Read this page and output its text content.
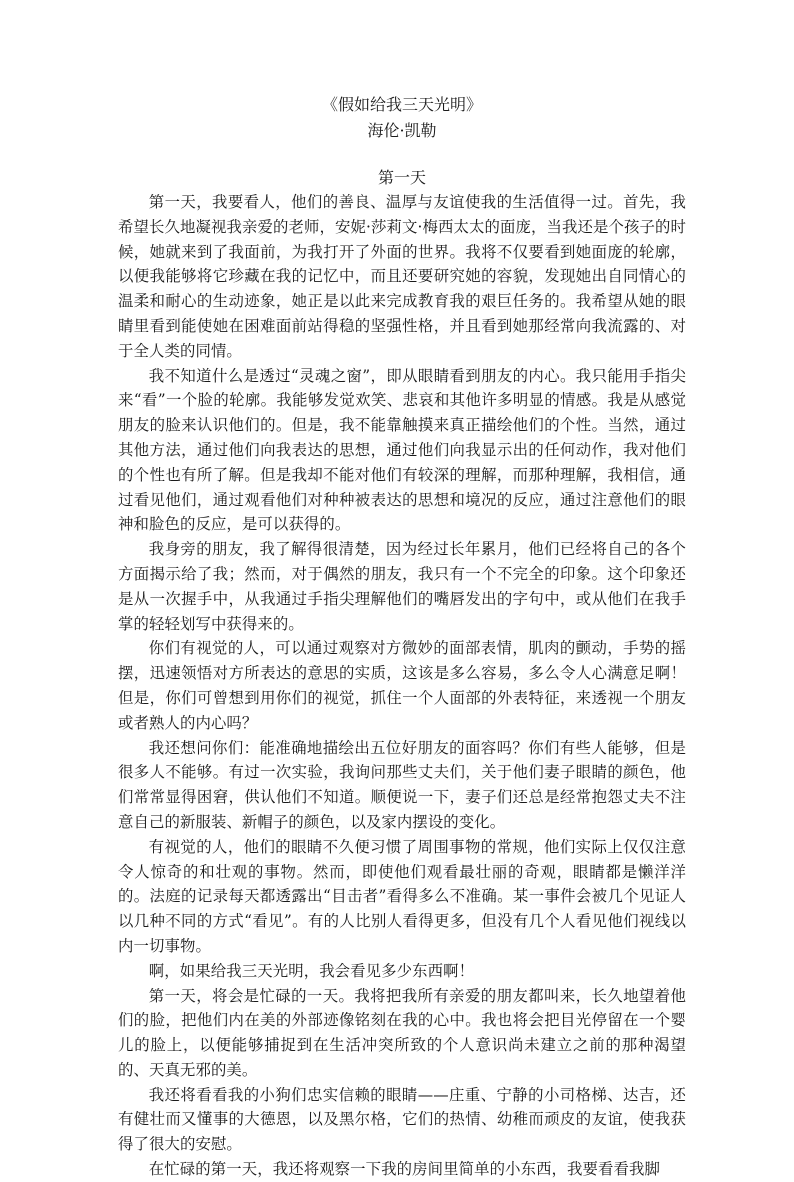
《假如给我三天光明》
海伦·凯勒
第一天

第一天，我要看人，他们的善良、温厚与友谊使我的生活值得一过。首先，我希望长久地凝视我亲爱的老师，安妮·莎莉文·梅西太太的面庞，当我还是个孩子的时候，她就来到了我面前，为我打开了外面的世界。我将不仅要看到她面庞的轮廓，以便我能够将它珍藏在我的记忆中，而且还要研究她的容貌，发现她出自同情心的温柔和耐心的生动迹象，她正是以此来完成教育我的艰巨任务的。我希望从她的眼睛里看到能使她在困难面前站得稳的坚强性格，并且看到她那经常向我流露的、对于全人类的同情。

我不知道什么是透过“灵魂之窗”，即从眼睛看到朋友的内心。我只能用手指尖来“看”一个脸的轮廓。我能够发觉欢笑、悲哀和其他许多明显的情感。我是从感觉朋友的脸来认识他们的。但是，我不能靠触摸来真正描绘他们的个性。当然，通过其他方法，通过他们向我表达的思想，通过他们向我显示出的任何动作，我对他们的个性也有所了解。但是我却不能对他们有较深的理解，而那种理解，我相信，通过看见他们，通过观看他们对种种被表达的思想和境况的反应，通过注意他们的眼神和脸色的反应，是可以获得的。

我身旁的朋友，我了解得很清楚，因为经过长年累月，他们已经将自己的各个方面揭示给了我；然而，对于偶然的朋友，我只有一个不完全的印象。这个印象还是从一次握手中，从我通过手指尖理解他们的嘴唇发出的字句中，或从他们在我手掌的轻轻划写中获得来的。

你们有视觉的人，可以通过观察对方微妙的面部表情，肌肉的颤动，手势的摇摆，迅速领悟对方所表达的意思的实质，这该是多么容易，多么令人心满意足啊！但是，你们可曾想到用你们的视觉，抓住一个人面部的外表特征，来透视一个朋友或者熟人的内心吗？

我还想问你们：能准确地描绘出五位好朋友的面容吗？你们有些人能够，但是很多人不能够。有过一次实验，我询问那些丈夫们，关于他们妻子眼睛的颜色，他们常常显得困窘，供认他们不知道。顺便说一下，妻子们还总是经常抱怨丈夫不注意自己的新服装、新帽子的颜色，以及家内摆设的变化。

有视觉的人，他们的眼睛不久便习惯了周围事物的常规，他们实际上仅仅注意令人惊奇的和壮观的事物。然而，即使他们观看最壮丽的奇观，眼睛都是懒洋洋的。法庭的记录每天都透露出“目击者”看得多么不准确。某一事件会被几个见证人以几种不同的方式“看见”。有的人比别人看得更多，但没有几个人看见他们视线以内一切事物。

啊，如果给我三天光明，我会看见多少东西啊！

第一天，将会是忙碌的一天。我将把我所有亲爱的朋友都叫来，长久地望着他们的脸，把他们内在美的外部迹像铭刻在我的心中。我也将会把目光停留在一个婴儿的脸上，以便能够捕捉到在生活冲突所致的个人意识尚未建立之前的那种渴望的、天真无邪的美。

我还将看看我的小狗们忠实信赖的眼睛——庄重、宁静的小司格梯、达吉，还有健壮而又懂事的大德恩，以及黑尔格，它们的热情、幼稚而顽皮的友谊，使我获得了很大的安慰。

在忙碌的第一天，我还将观察一下我的房间里简单的小东西，我要看看我脚
